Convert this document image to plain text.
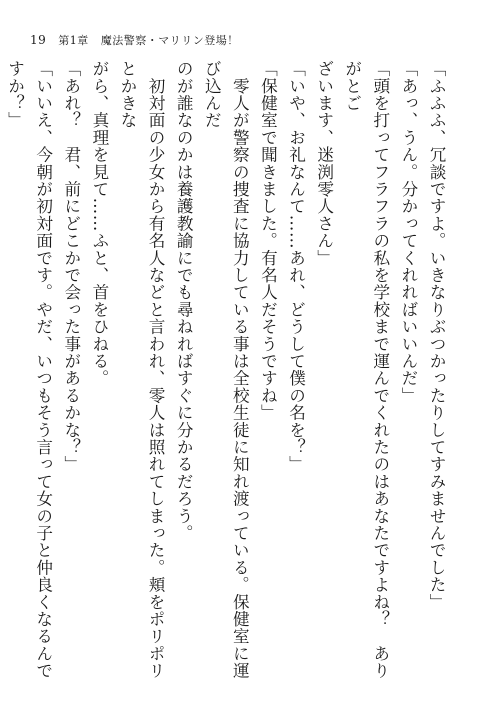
19 第1章 魔法警察・マリリン登場！
「ふふふ、冗談ですよ。いきなりぶつかったりしてすみませんでした」
「あっ、うん。分かってくれればいいんだ」
「頭を打ってフラフラの私を学校まで運んでくれたのはあなたですよね？　ありがとご
ざいます、迷渕零人さん」
「いや、お礼なんて……あれ、どうして僕の名を？」
「保健室で聞きました。有名人だそうですね」
　零人が警察の捜査に協力している事は全校生徒に知れ渡っている。保健室に運び込んだ
のが誰なのかは養護教諭にでも尋ねればすぐに分かるだろう。
　初対面の少女から有名人などと言われ、零人は照れてしまった。頬をポリポリとかきな
がら、真理を見て……ふと、首をひねる。
「あれ？　君、前にどこかで会った事があるかな？」
「いいえ、今朝が初対面です。やだ、いつもそう言って女の子と仲良くなるんですか？」
